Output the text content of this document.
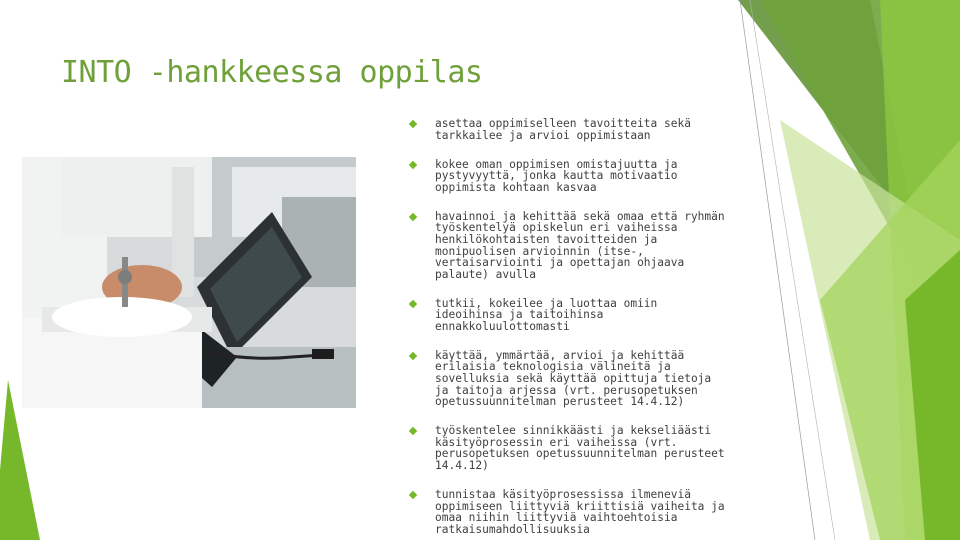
INTO -hankkeessa oppilas
asettaa oppimiselleen tavoitteita sekä tarkkailee ja arvioi oppimistaan
kokee oman oppimisen omistajuutta ja pystyvyyttä, jonka kautta motivaatio oppimista kohtaan kasvaa
havainnoi ja kehittää sekä omaa että ryhmän työskentelyä opiskelun eri vaiheissa henkilökohtaisten tavoitteiden ja monipuolisen arvioinnin (itse-, vertaisarviointi ja opettajan ohjaava palaute) avulla
tutkii, kokeilee ja luottaa omiin ideoihinsa ja taitoihinsa ennakkoluulottomasti
käyttää, ymmärtää, arvioi ja kehittää erilaisia teknologisia välineitä ja sovelluksia sekä käyttää opittuja tietoja ja taitoja arjessa (vrt. perusopetuksen opetussuunnitelman perusteet 14.4.12)
työskentelee sinnikkäästi ja kekseliäästi käsityöprosessin eri vaiheissa (vrt. perusopetuksen opetussuunnitelman perusteet 14.4.12)
tunnistaa käsityöprosessissa ilmeneviä oppimiseen liittyviä kriittisiä vaiheita ja omaa niihin liittyviä vaihtoehtoisia ratkaisumahdollisuuksia
